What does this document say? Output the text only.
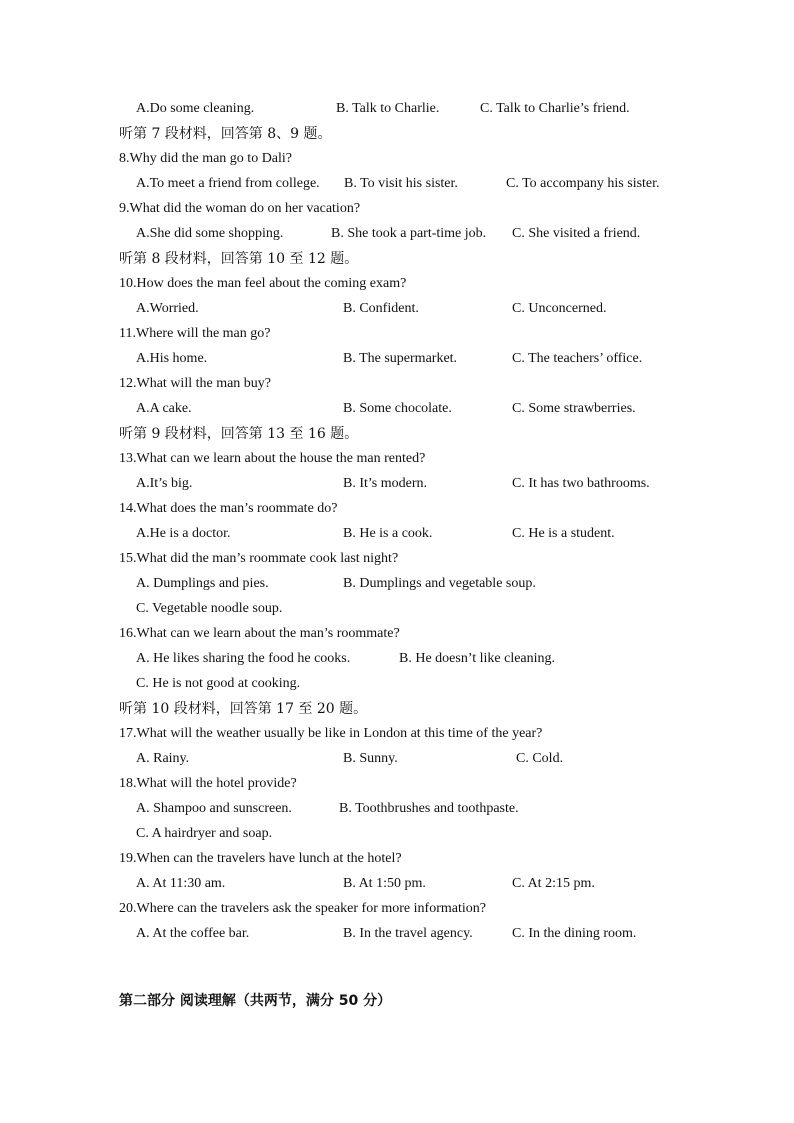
第二部分 阅读理解（共两节，满分 50 分）
A.Do some cleaning.	B. Talk to Charlie.	C. Talk to Charlie’s friend.
听第 7 段材料，回答第 8、9 题。
8.Why did the man go to Dali?
A.To meet a friend from college. B. To visit his sister.	C. To accompany his sister.
9.What did the woman do on her vacation?
A.She did some shopping.	B. She took a part-time job. C. She visited a friend.
听第 8 段材料，回答第 10 至 12 题。
10.How does the man feel about the coming exam?
A.Worried.	B. Confident.	C. Unconcerned.
11.Where will the man go?
A.His home.	B. The supermarket.	C. The teachers’ office.
12.What will the man buy?
A.A cake.	B. Some chocolate.	C. Some strawberries.
听第 9 段材料，回答第 13 至 16 题。
13.What can we learn about the house the man rented?
A.It’s big.	B. It’s modern.	C. It has two bathrooms.
14.What does the man’s roommate do?
A.He is a doctor.	B. He is a cook.	C. He is a student.
15.What did the man’s roommate cook last night?
A. Dumplings and pies.	B. Dumplings and vegetable soup.
C. Vegetable noodle soup.
16.What can we learn about the man’s roommate?
A. He likes sharing the food he cooks.	B. He doesn’t like cleaning.
C. He is not good at cooking.
听第 10 段材料，回答第 17 至 20 题。
17.What will the weather usually be like in London at this time of the year?
A. Rainy.	B. Sunny.	C. Cold.
18.What will the hotel provide?
A. Shampoo and sunscreen.	B. Toothbrushes and toothpaste.
C. A hairdryer and soap.
19.When can the travelers have lunch at the hotel?
A. At 11:30 am.	B. At 1:50 pm.	C. At 2:15 pm.
20.Where can the travelers ask the speaker for more information?
A. At the coffee bar.	B. In the travel agency.	C. In the dining room.
